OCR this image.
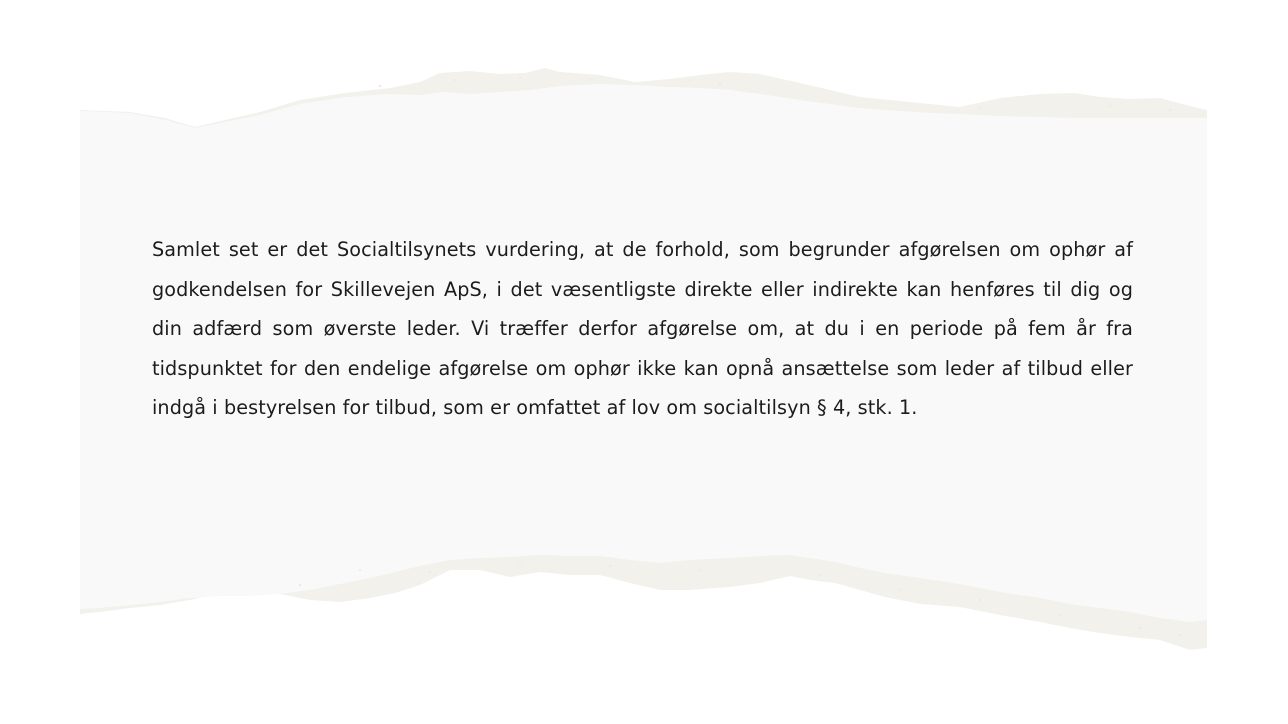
Samlet set er det Socialtilsynets vurdering, at de forhold, som begrunder afgørelsen om ophør af godkendelsen for Skillevejen ApS, i det væsentligste direkte eller indirekte kan henføres til dig og din adfærd som øverste leder. Vi træffer derfor afgørelse om, at du i en periode på fem år fra tidspunktet for den endelige afgørelse om ophør ikke kan opnå ansættelse som leder af tilbud eller indgå i bestyrelsen for tilbud, som er omfattet af lov om socialtilsyn § 4, stk. 1.
